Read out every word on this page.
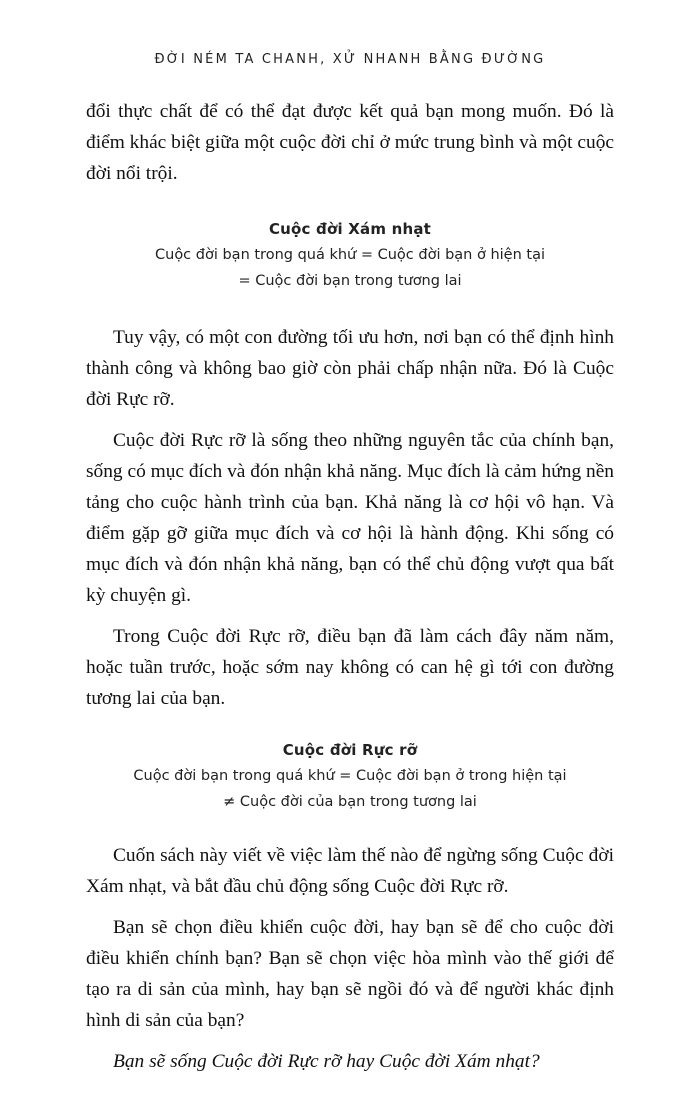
ĐỜI NÉM TA CHANH, XỬ NHANH BẰNG ĐƯỜNG

đổi thực chất để có thể đạt được kết quả bạn mong muốn. Đó là điểm khác biệt giữa một cuộc đời chỉ ở mức trung bình và một cuộc đời nổi trội.

Cuộc đời Xám nhạt
Cuộc đời bạn trong quá khứ = Cuộc đời bạn ở hiện tại
= Cuộc đời bạn trong tương lai

Tuy vậy, có một con đường tối ưu hơn, nơi bạn có thể định hình thành công và không bao giờ còn phải chấp nhận nữa. Đó là Cuộc đời Rực rỡ.

Cuộc đời Rực rỡ là sống theo những nguyên tắc của chính bạn, sống có mục đích và đón nhận khả năng. Mục đích là cảm hứng nền tảng cho cuộc hành trình của bạn. Khả năng là cơ hội vô hạn. Và điểm gặp gỡ giữa mục đích và cơ hội là hành động. Khi sống có mục đích và đón nhận khả năng, bạn có thể chủ động vượt qua bất kỳ chuyện gì.

Trong Cuộc đời Rực rỡ, điều bạn đã làm cách đây năm năm, hoặc tuần trước, hoặc sớm nay không có can hệ gì tới con đường tương lai của bạn.

Cuộc đời Rực rỡ
Cuộc đời bạn trong quá khứ = Cuộc đời bạn ở trong hiện tại
≠ Cuộc đời của bạn trong tương lai

Cuốn sách này viết về việc làm thế nào để ngừng sống Cuộc đời Xám nhạt, và bắt đầu chủ động sống Cuộc đời Rực rỡ.

Bạn sẽ chọn điều khiển cuộc đời, hay bạn sẽ để cho cuộc đời điều khiển chính bạn? Bạn sẽ chọn việc hòa mình vào thế giới để tạo ra di sản của mình, hay bạn sẽ ngồi đó và để người khác định hình di sản của bạn?

Bạn sẽ sống Cuộc đời Rực rỡ hay Cuộc đời Xám nhạt?
